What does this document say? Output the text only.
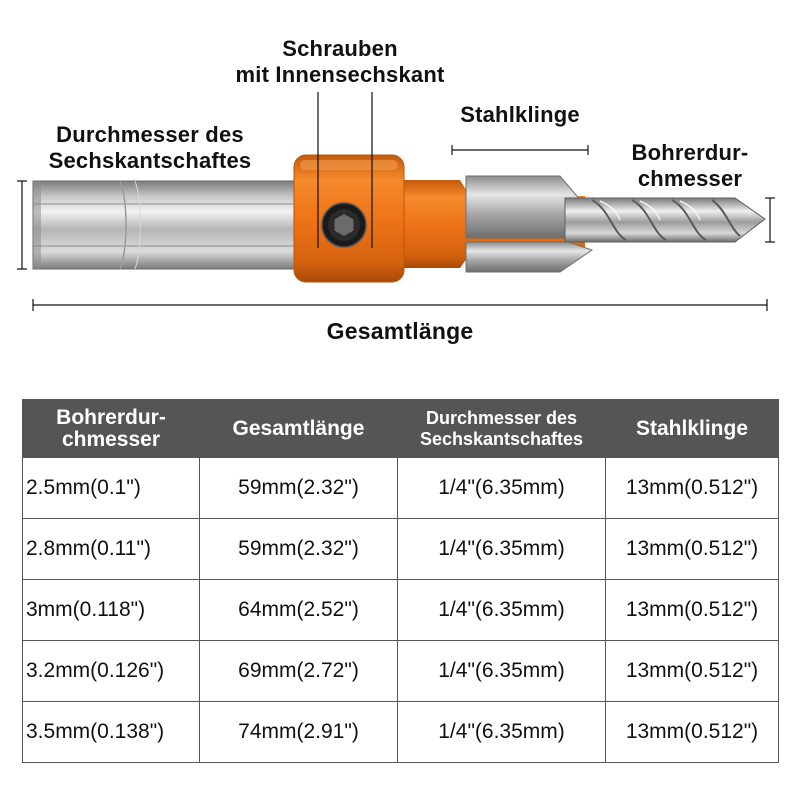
Schrauben
mit Innensechskant
Durchmesser des
Sechskantschaftes
Stahlklinge
Bohrerdur-
chmesser
Gesamtlänge
Bohrerdur-
chmesser	Gesamtlänge	Durchmesser des
Sechskantschaftes	Stahlklinge
2.5mm(0.1")	59mm(2.32")	1/4"(6.35mm)	13mm(0.512")
2.8mm(0.11")	59mm(2.32")	1/4"(6.35mm)	13mm(0.512")
3mm(0.118")	64mm(2.52")	1/4"(6.35mm)	13mm(0.512")
3.2mm(0.126")	69mm(2.72")	1/4"(6.35mm)	13mm(0.512")
3.5mm(0.138")	74mm(2.91")	1/4"(6.35mm)	13mm(0.512")
